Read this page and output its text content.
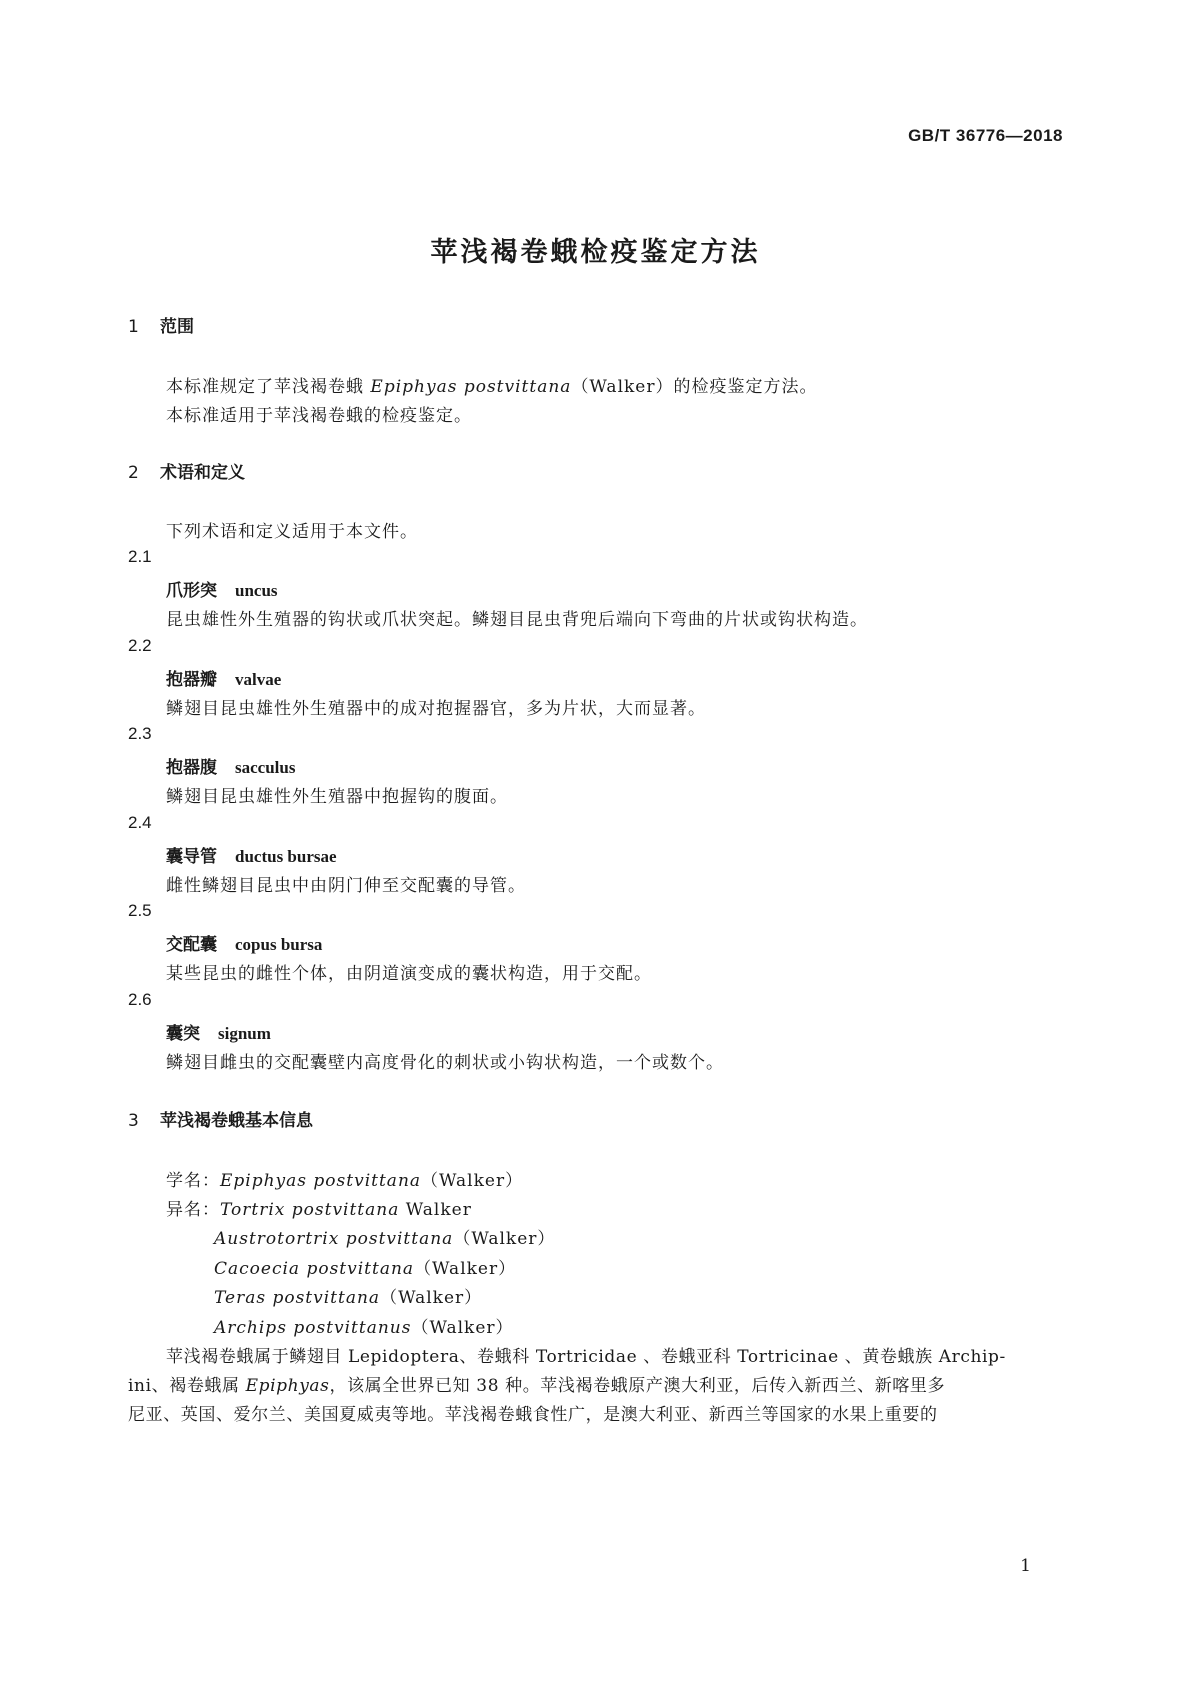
GB/T 36776—2018
苹浅褐卷蛾检疫鉴定方法
1 范围
本标准规定了苹浅褐卷蛾 Epiphyas postvittana（Walker）的检疫鉴定方法。
本标准适用于苹浅褐卷蛾的检疫鉴定。
2 术语和定义
下列术语和定义适用于本文件。
2.1
爪形突 uncus
昆虫雄性外生殖器的钩状或爪状突起。鳞翅目昆虫背兜后端向下弯曲的片状或钩状构造。
2.2
抱器瓣 valvae
鳞翅目昆虫雄性外生殖器中的成对抱握器官，多为片状，大而显著。
2.3
抱器腹 sacculus
鳞翅目昆虫雄性外生殖器中抱握钩的腹面。
2.4
囊导管 ductus bursae
雌性鳞翅目昆虫中由阴门伸至交配囊的导管。
2.5
交配囊 copus bursa
某些昆虫的雌性个体，由阴道演变成的囊状构造，用于交配。
2.6
囊突 signum
鳞翅目雌虫的交配囊壁内高度骨化的刺状或小钩状构造，一个或数个。
3 苹浅褐卷蛾基本信息
学名：Epiphyas postvittana（Walker）
异名：Tortrix postvittana Walker
Austrotortrix postvittana（Walker）
Cacoecia postvittana（Walker）
Teras postvittana（Walker）
Archips postvittanus（Walker）
苹浅褐卷蛾属于鳞翅目 Lepidoptera、卷蛾科 Tortricidae 、卷蛾亚科 Tortricinae 、黄卷蛾族 Archip-
ini、褐卷蛾属 Epiphyas，该属全世界已知 38 种。苹浅褐卷蛾原产澳大利亚，后传入新西兰、新喀里多
尼亚、英国、爱尔兰、美国夏威夷等地。苹浅褐卷蛾食性广，是澳大利亚、新西兰等国家的水果上重要的
1
